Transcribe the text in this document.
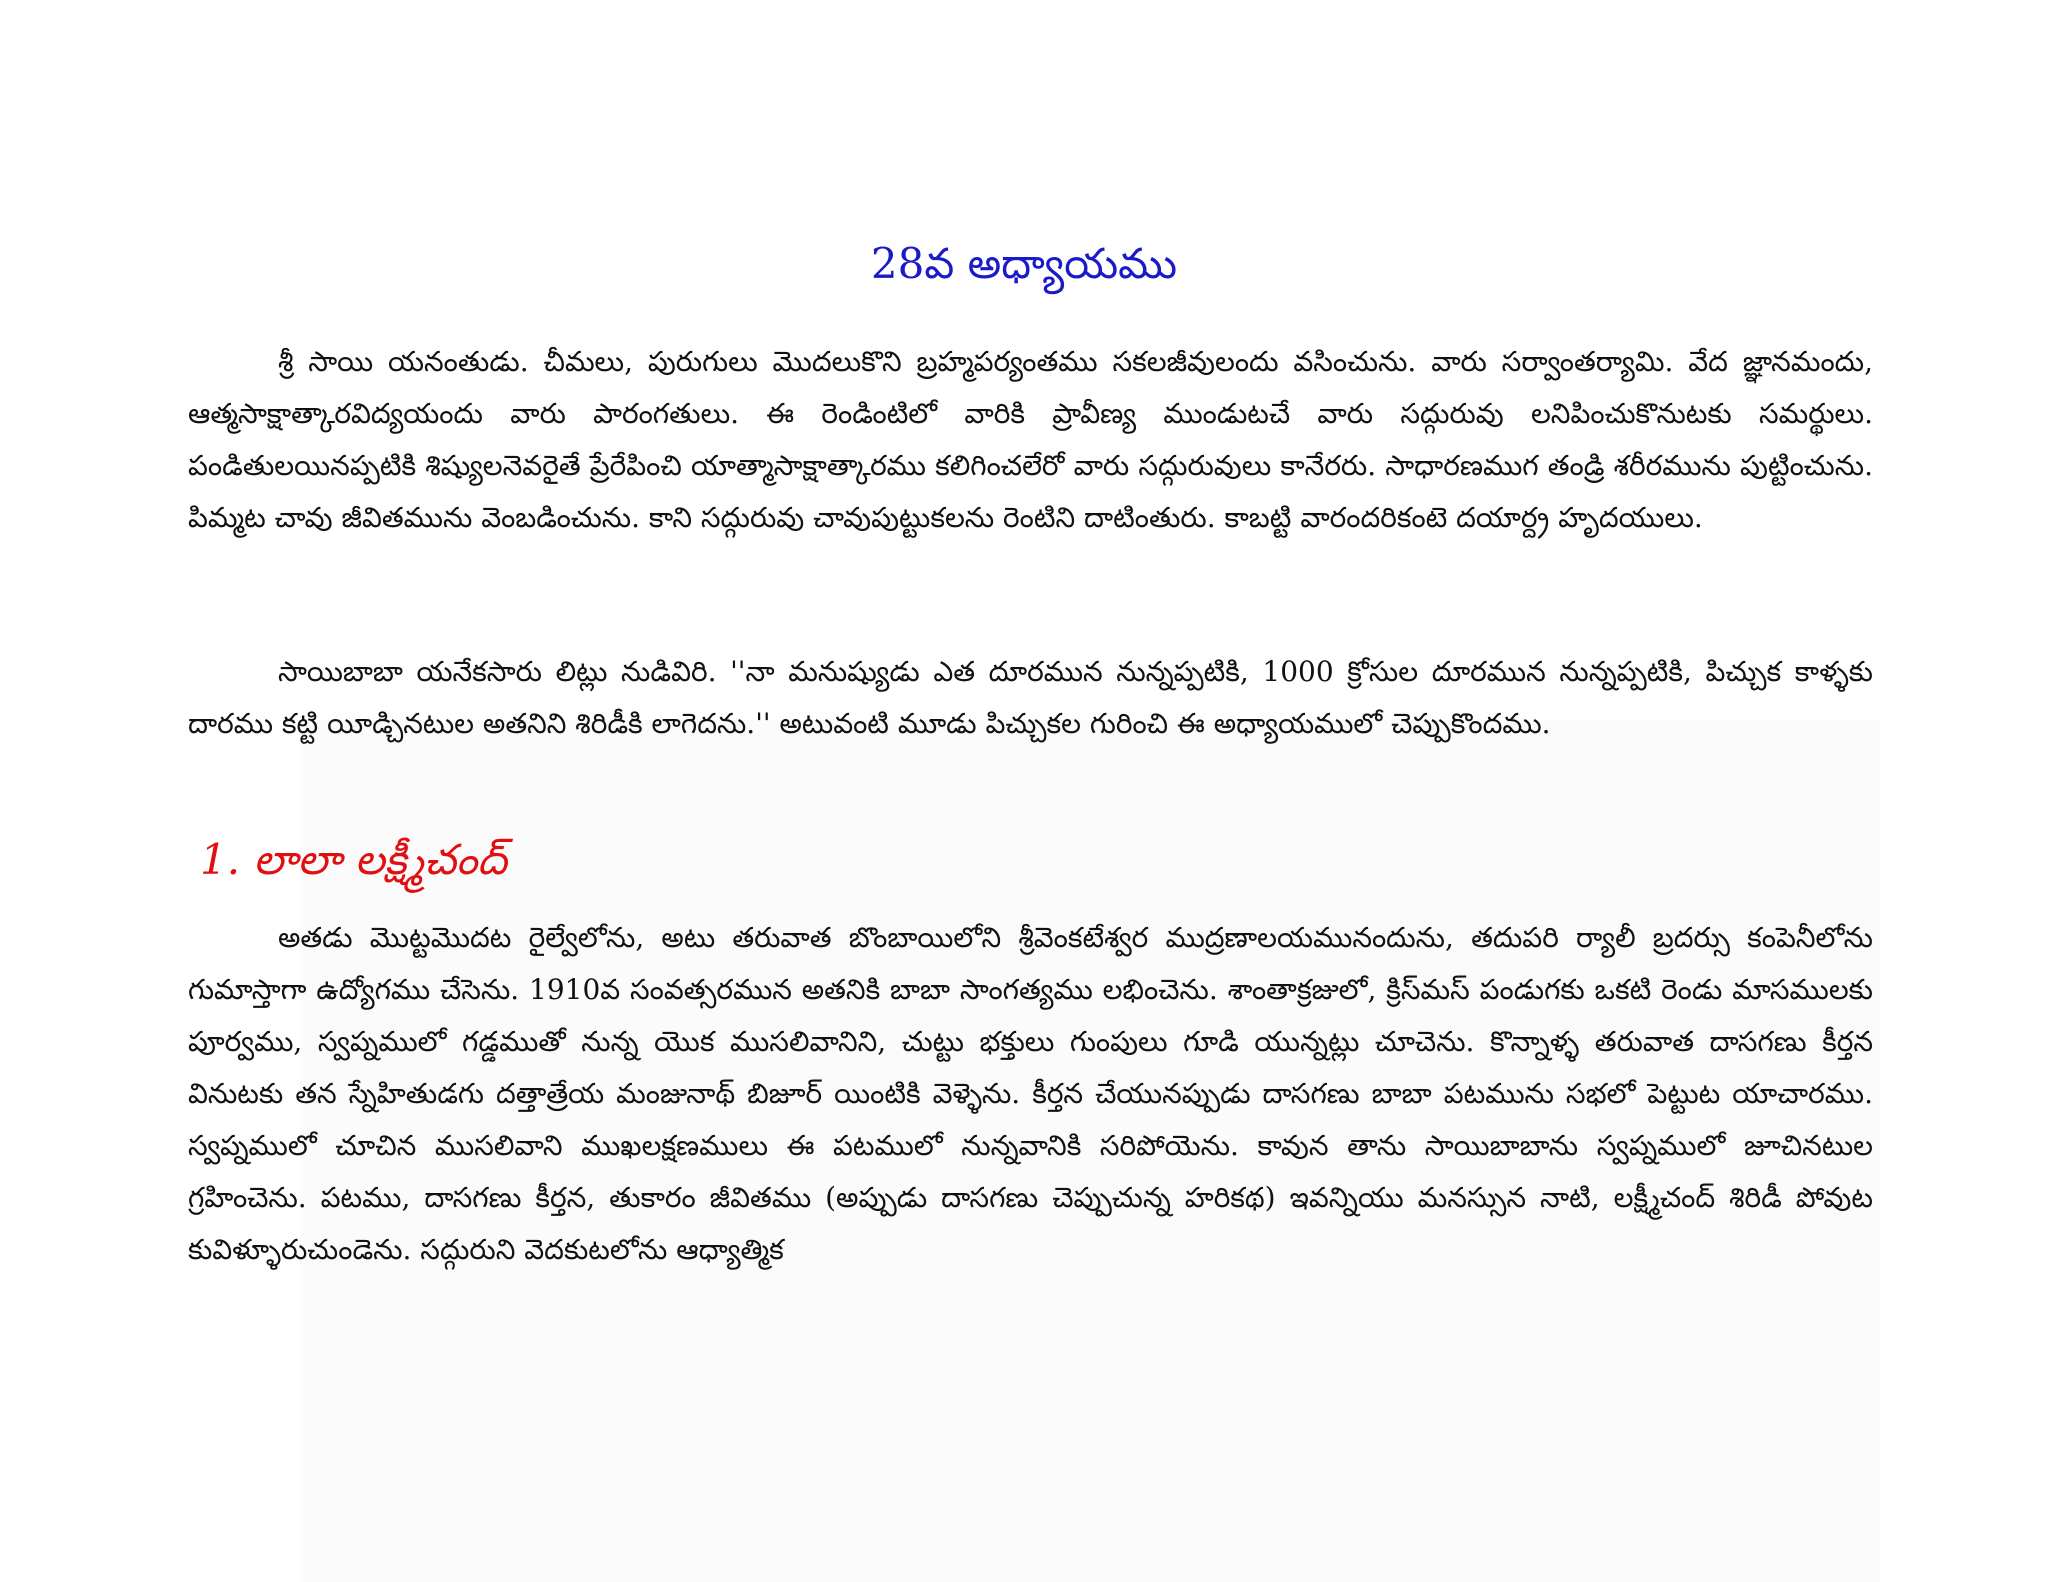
28వ అధ్యాయము

శ్రీ సాయి యనంతుడు. చీమలు, పురుగులు మొదలుకొని బ్రహ్మపర్యంతము సకలజీవులందు వసించును. వారు సర్వాంతర్యామి. వేద జ్ఞానమందు, ఆత్మసాక్షాత్కారవిద్యయందు వారు పారంగతులు. ఈ రెండింటిలో వారికి ప్రావీణ్య ముండుటచే వారు సద్గురువు లనిపించుకొనుటకు సమర్థులు. పండితులయినప్పటికి శిష్యులనెవరైతే ప్రేరేపించి యాత్మాసాక్షాత్కారము కలిగించలేరో వారు సద్గురువులు కానేరరు. సాధారణముగ తండ్రి శరీరమును పుట్టించును. పిమ్మట చావు జీవితమును వెంబడించును. కాని సద్గురువు చావుపుట్టుకలను రెంటిని దాటింతురు. కాబట్టి వారందరికంటె దయార్ద్ర హృదయులు.

సాయిబాబా యనేకసారు లిట్లు నుడివిరి. ''నా మనుష్యుడు ఎత దూరమున నున్నప్పటికి, 1000 క్రోసుల దూరమున నున్నప్పటికి, పిచ్చుక కాళ్ళకు దారము కట్టి యీడ్చినటుల అతనిని శిరిడీకి లాగెదను.'' అటువంటి మూడు పిచ్చుకల గురించి ఈ అధ్యాయములో చెప్పుకొందము.

1. లాలా లక్ష్మీచంద్

అతడు మొట్టమొదట రైల్వేలోను, అటు తరువాత బొంబాయిలోని శ్రీవెంకటేశ్వర ముద్రణాలయమునందును, తదుపరి ర్యాలీ బ్రదర్సు కంపెనీలోను గుమాస్తాగా ఉద్యోగము చేసెను. 1910వ సంవత్సరమున అతనికి బాబా సాంగత్యము లభించెను. శాంతాక్రజులో, క్రిస్‌మస్ పండుగకు ఒకటి రెండు మాసములకు పూర్వము, స్వప్నములో గడ్డముతో నున్న యొక ముసలివానిని, చుట్టు భక్తులు గుంపులు గూడి యున్నట్లు చూచెను. కొన్నాళ్ళ తరువాత దాసగణు కీర్తన వినుటకు తన స్నేహితుడగు దత్తాత్రేయ మంజునాథ్ బిజూర్ యింటికి వెళ్ళెను. కీర్తన చేయునప్పుడు దాసగణు బాబా పటమును సభలో పెట్టుట యాచారము. స్వప్నములో చూచిన ముసలివాని ముఖలక్షణములు ఈ పటములో నున్నవానికి సరిపోయెను. కావున తాను సాయిబాబాను స్వప్నములో జూచినటుల గ్రహించెను. పటము, దాసగణు కీర్తన, తుకారం జీవితము (అప్పుడు దాసగణు చెప్పుచున్న హరికథ) ఇవన్నియు మనస్సున నాటి, లక్ష్మీచంద్ శిరిడీ పోవుట కువిళ్ళూరుచుండెను. సద్గురుని వెదకుటలోను ఆధ్యాత్మిక
